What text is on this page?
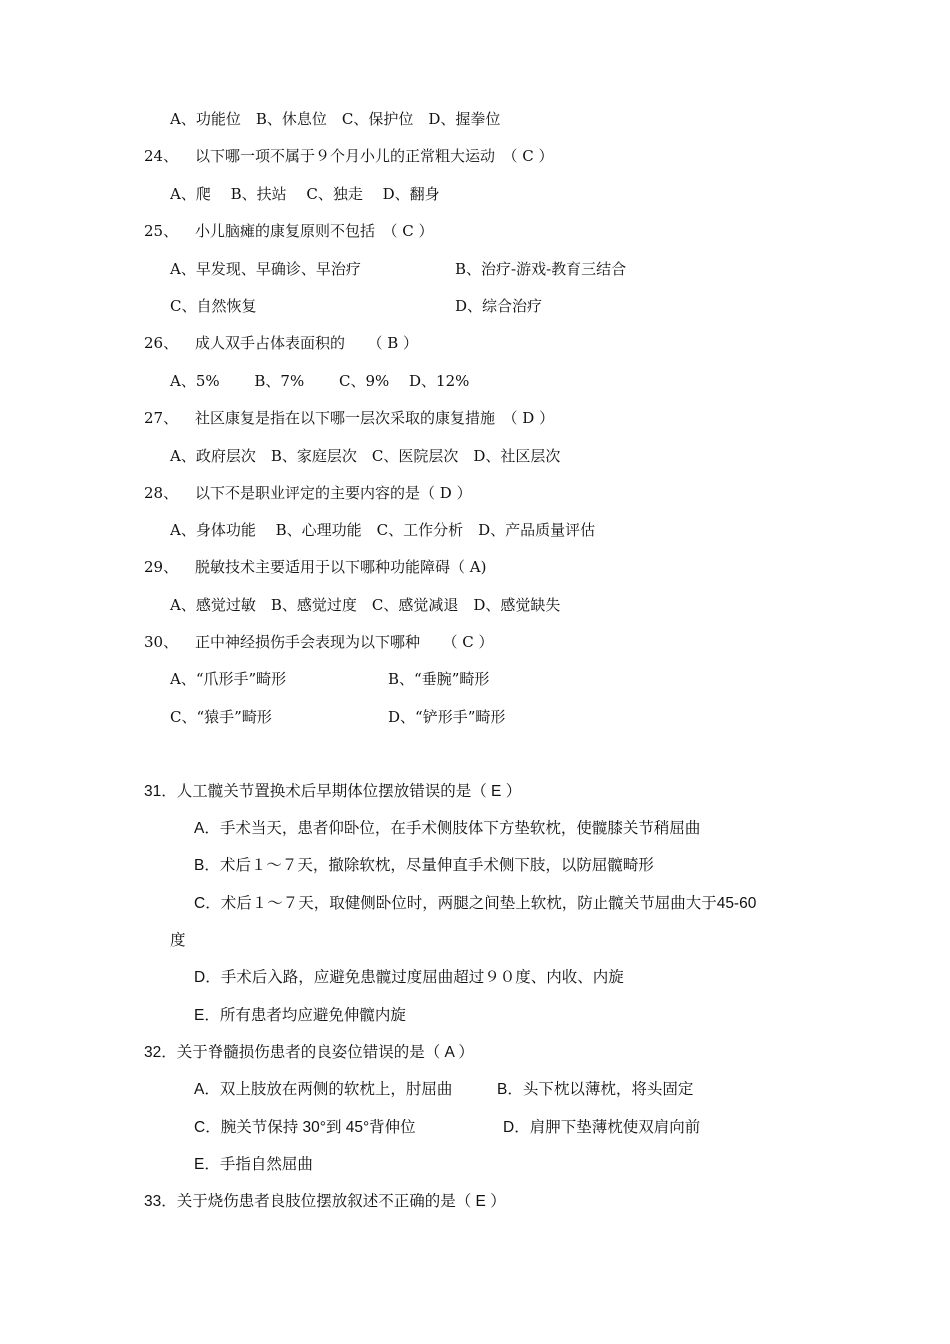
A、功能位　B、休息位　C、保护位　D、握拳位
24、 以下哪一项不属于９个月小儿的正常粗大运动　（ C ）
A、爬　 B、扶站　 C、独走　 D、翻身
25、 小儿脑瘫的康复原则不包括　（ C ）
A、早发现、早确诊、早治疗	B、治疗-游戏-教育三结合
C、自然恢复	D、综合治疗
26、 成人双手占体表面积的　　（ B ）
A、5%　　 B、7%　　 C、9%　 D、12%
27、 社区康复是指在以下哪一层次采取的康复措施　（ D ）
A、政府层次　B、家庭层次　C、医院层次　D、社区层次
28、 以下不是职业评定的主要内容的是（ D ）
A、身体功能　 B、心理功能　C、工作分析　D、产品质量评估
29、 脱敏技术主要适用于以下哪种功能障碍（ A)
A、感觉过敏　B、感觉过度　C、感觉减退　D、感觉缺失
30、 正中神经损伤手会表现为以下哪种　　（ C ）
A、“爪形手”畸形	B、“垂腕”畸形
C、“猿手”畸形	D、“铲形手”畸形
31．人工髋关节置换术后早期体位摆放错误的是（ E ）
A．手术当天，患者仰卧位，在手术侧肢体下方垫软枕，使髋膝关节稍屈曲
B．术后１～７天，撤除软枕，尽量伸直手术侧下肢，以防屈髋畸形
C．术后１～７天，取健侧卧位时，两腿之间垫上软枕，防止髋关节屈曲大于45-60
度
D．手术后入路，应避免患髋过度屈曲超过９０度、内收、内旋
E．所有患者均应避免伸髋内旋
32．关于脊髓损伤患者的良姿位错误的是（ A ）
A．双上肢放在两侧的软枕上，肘屈曲	B．头下枕以薄枕，将头固定
C．腕关节保持 30°到 45°背伸位	D．肩胛下垫薄枕使双肩向前
E．手指自然屈曲
33．关于烧伤患者良肢位摆放叙述不正确的是（ E ）
